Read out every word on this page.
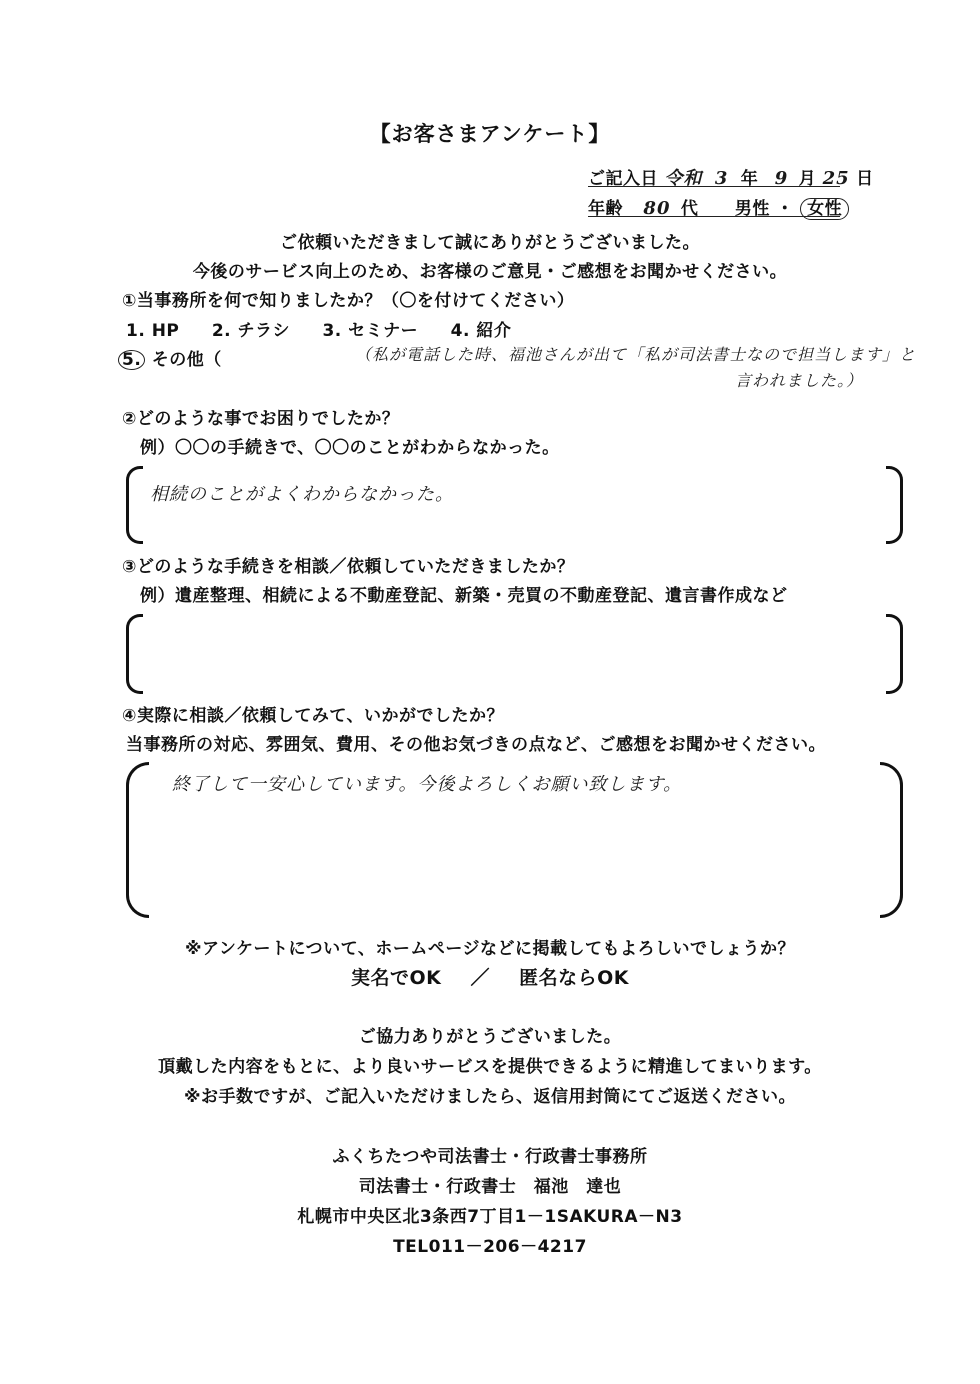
【お客さまアンケート】
ご記入日 令和 3 年 9 月 25 日
年齢 80 代 男性 ・ 女性
ご依頼いただきまして誠にありがとうございました。
今後のサービス向上のため、お客様のご意見・ご感想をお聞かせください。
①当事務所を何で知りましたか？（〇を付けてください）
1. HP 2. チラシ 3. セミナー 4. 紹介
5. その他（	（私が電話した時、福池さんが出て「私が司法書士なので担当します」と
言われました。）
②どのような事でお困りでしたか？
例）〇〇の手続きで、〇〇のことがわからなかった。
相続のことがよくわからなかった。
③どのような手続きを相談／依頼していただきましたか？
例）遺産整理、相続による不動産登記、新築・売買の不動産登記、遺言書作成など
④実際に相談／依頼してみて、いかがでしたか？
当事務所の対応、雰囲気、費用、その他お気づきの点など、ご感想をお聞かせください。
終了して一安心しています。今後よろしくお願い致します。
※アンケートについて、ホームページなどに掲載してもよろしいでしょうか？
実名でOK ／ 匿名ならOK
ご協力ありがとうございました。
頂戴した内容をもとに、より良いサービスを提供できるように精進してまいります。
※お手数ですが、ご記入いただけましたら、返信用封筒にてご返送ください。
ふくちたつや司法書士・行政書士事務所
司法書士・行政書士　福池　達也
札幌市中央区北3条西7丁目1－1SAKURA－N3
TEL011－206－4217
